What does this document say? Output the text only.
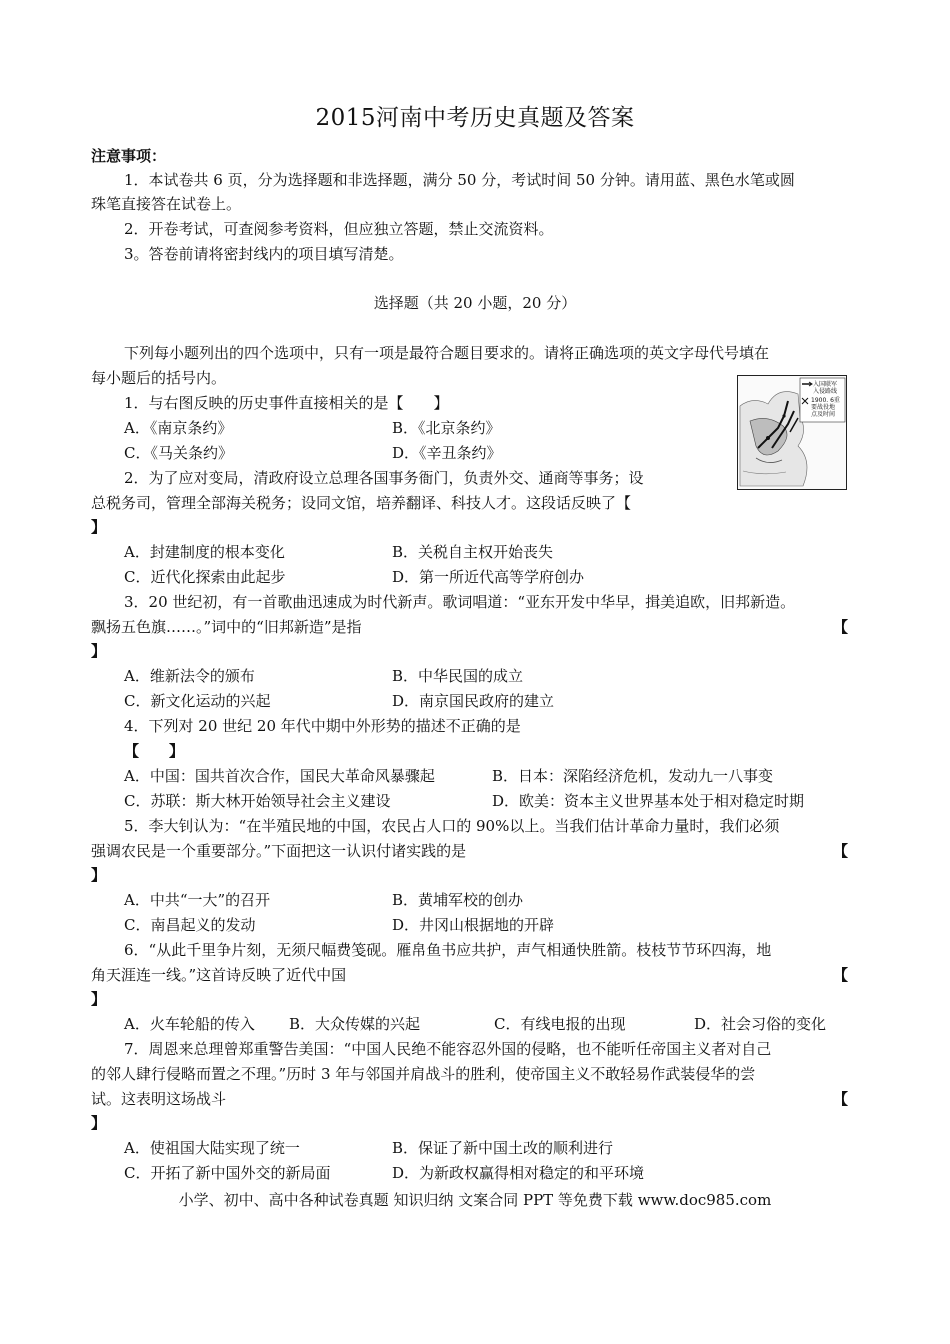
2015河南中考历史真题及答案
注意事项：
1．本试卷共 6 页，分为选择题和非选择题，满分 50 分，考试时间 50 分钟。请用蓝、黑色水笔或圆
珠笔直接答在试卷上。
2．开卷考试，可查阅参考资料，但应独立答题，禁止交流资料。
3。答卷前请将密封线内的项目填写清楚。
选择题（共 20 小题，20 分）
下列每小题列出的四个选项中，只有一项是最符合题目要求的。请将正确选项的英文字母代号填在
每小题后的括号内。	入国联军
入侵路线
1900. 6重
要战役地
点及时间
1．与右图反映的历史事件直接相关的是【　　】
A．《南京条约》	B．《北京条约》
C．《马关条约》	D．《辛丑条约》
2．为了应对变局，清政府设立总理各国事务衙门，负责外交、通商等事务；设
总税务司，管理全部海关税务；设同文馆，培养翻译、科技人才。这段话反映了【
】
A．封建制度的根本变化	B．关税自主权开始丧失
C．近代化探索由此起步	D．第一所近代高等学府创办
3．20 世纪初，有一首歌曲迅速成为时代新声。歌词唱道：“亚东开发中华早，揖美追欧，旧邦新造。
飘扬五色旗……。”词中的“旧邦新造”是指	【
】
A．维新法令的颁布	B．中华民国的成立
C．新文化运动的兴起	D．南京国民政府的建立
4．下列对 20 世纪 20 年代中期中外形势的描述不正确的是
【　　】
A．中国：国共首次合作，国民大革命风暴骤起	B．日本：深陷经济危机，发动九一八事变
C．苏联：斯大林开始领导社会主义建设	D．欧美：资本主义世界基本处于相对稳定时期
5．李大钊认为：“在半殖民地的中国，农民占人口的 90%以上。当我们估计革命力量时，我们必须
强调农民是一个重要部分。”下面把这一认识付诸实践的是	【
】
A．中共“一大”的召开	B．黄埔军校的创办
C．南昌起义的发动	D．井冈山根据地的开辟
6．“从此千里争片刻，无须尺幅费笺砚。雁帛鱼书应共护，声气相通快胜箭。枝枝节节环四海，地
角天涯连一线。”这首诗反映了近代中国	【
】
A．火车轮船的传入 B．大众传媒的兴起	C．有线电报的出现	D．社会习俗的变化
7．周恩来总理曾郑重警告美国：“中国人民绝不能容忍外国的侵略，也不能听任帝国主义者对自己
的邻人肆行侵略而置之不理。”历时 3 年与邻国并肩战斗的胜利，使帝国主义不敢轻易作武装侵华的尝
试。这表明这场战斗	【
】
A．使祖国大陆实现了统一	B．保证了新中国土改的顺利进行
C．开拓了新中国外交的新局面	D．为新政权赢得相对稳定的和平环境
小学、初中、高中各种试卷真题 知识归纳 文案合同 PPT 等免费下载 www.doc985.com
